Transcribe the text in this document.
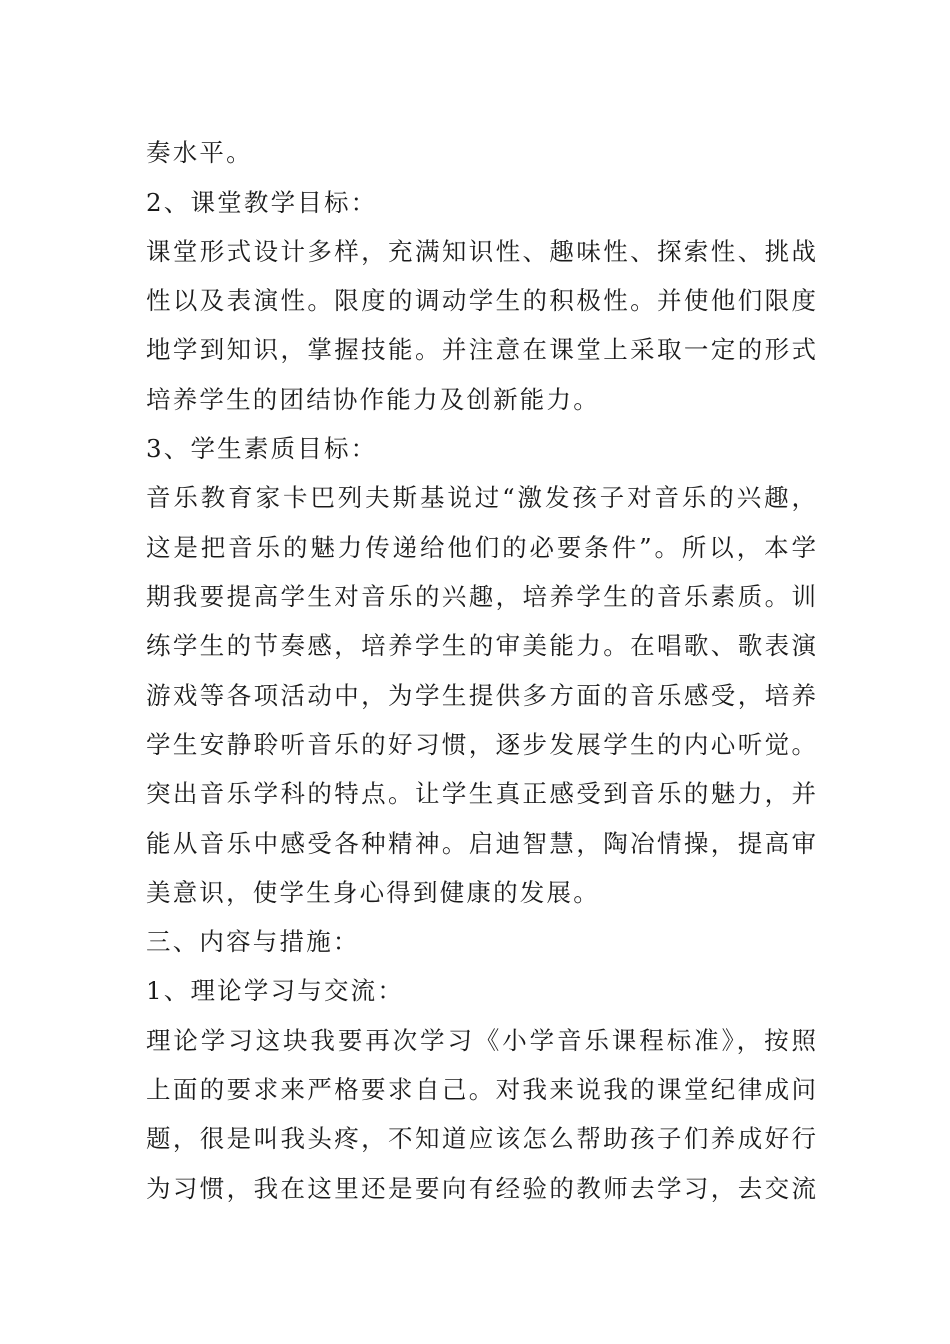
奏水平。
2、课堂教学目标：
课堂形式设计多样，充满知识性、趣味性、探索性、挑战
性以及表演性。限度的调动学生的积极性。并使他们限度
地学到知识，掌握技能。并注意在课堂上采取一定的形式
培养学生的团结协作能力及创新能力。
3、学生素质目标：
音乐教育家卡巴列夫斯基说过“激发孩子对音乐的兴趣，
这是把音乐的魅力传递给他们的必要条件”。所以，本学
期我要提高学生对音乐的兴趣，培养学生的音乐素质。训
练学生的节奏感，培养学生的审美能力。在唱歌、歌表演
游戏等各项活动中，为学生提供多方面的音乐感受，培养
学生安静聆听音乐的好习惯，逐步发展学生的内心听觉。
突出音乐学科的特点。让学生真正感受到音乐的魅力，并
能从音乐中感受各种精神。启迪智慧，陶冶情操，提高审
美意识，使学生身心得到健康的发展。
三、内容与措施：
1、理论学习与交流：
理论学习这块我要再次学习《小学音乐课程标准》，按照
上面的要求来严格要求自己。对我来说我的课堂纪律成问
题，很是叫我头疼，不知道应该怎么帮助孩子们养成好行
为习惯，我在这里还是要向有经验的教师去学习，去交流
